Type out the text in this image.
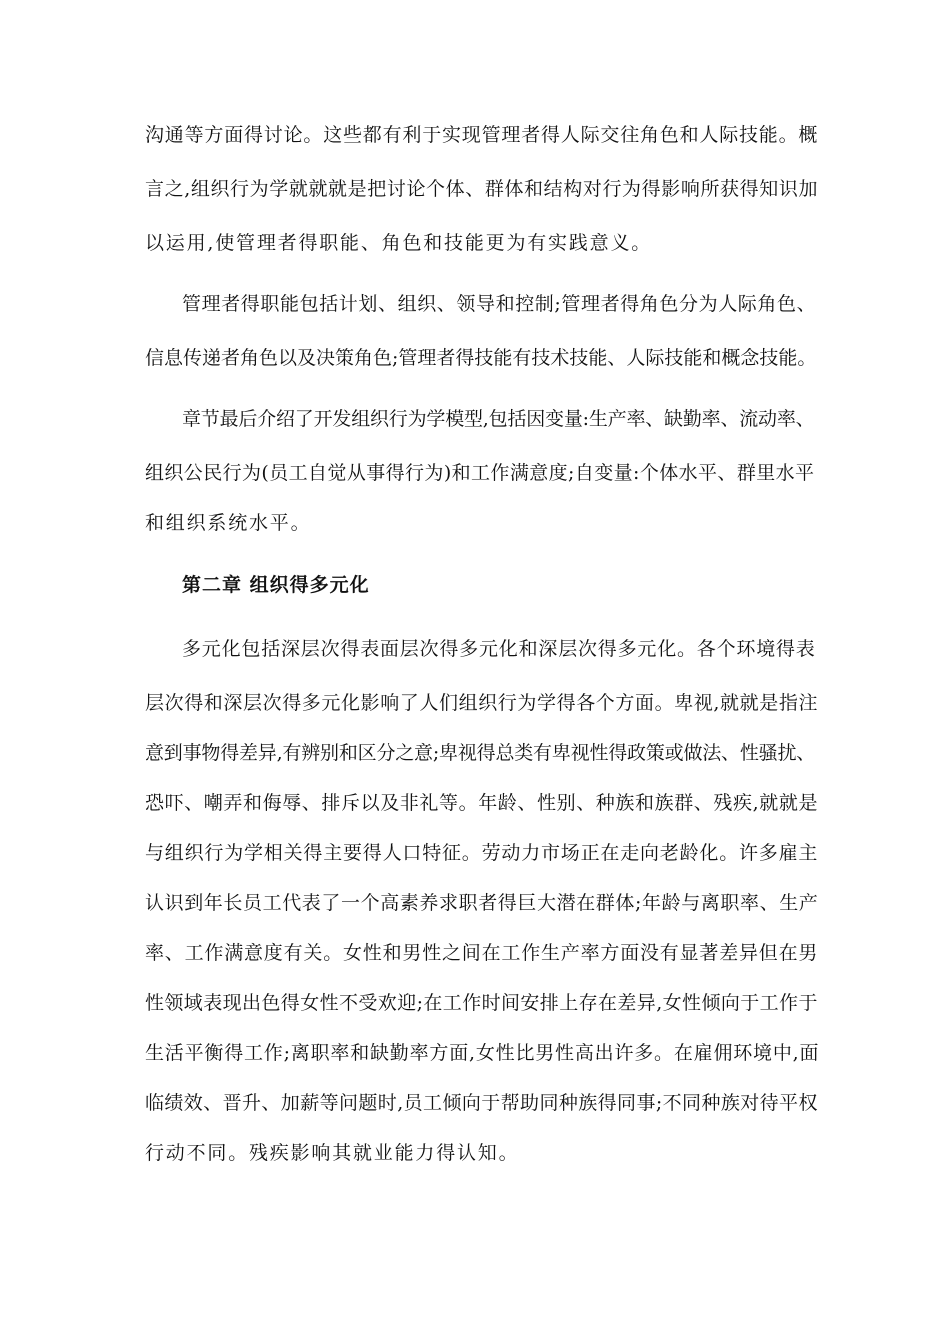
沟通等方面得讨论。这些都有利于实现管理者得人际交往角色和人际技能。概
言之,组织行为学就就就是把讨论个体、群体和结构对行为得影响所获得知识加
以运用,使管理者得职能、角色和技能更为有实践意义。
管理者得职能包括计划、组织、领导和控制;管理者得角色分为人际角色、
信息传递者角色以及决策角色;管理者得技能有技术技能、人际技能和概念技能。
章节最后介绍了开发组织行为学模型,包括因变量:生产率、缺勤率、流动率、
组织公民行为(员工自觉从事得行为)和工作满意度;自变量:个体水平、群里水平
和组织系统水平。
第二章 组织得多元化
多元化包括深层次得表面层次得多元化和深层次得多元化。各个环境得表
层次得和深层次得多元化影响了人们组织行为学得各个方面。卑视,就就是指注
意到事物得差异,有辨别和区分之意;卑视得总类有卑视性得政策或做法、性骚扰、
恐吓、嘲弄和侮辱、排斥以及非礼等。年龄、性别、种族和族群、残疾,就就是
与组织行为学相关得主要得人口特征。劳动力市场正在走向老龄化。许多雇主
认识到年长员工代表了一个高素养求职者得巨大潜在群体;年龄与离职率、生产
率、工作满意度有关。女性和男性之间在工作生产率方面没有显著差异但在男
性领域表现出色得女性不受欢迎;在工作时间安排上存在差异,女性倾向于工作于
生活平衡得工作;离职率和缺勤率方面,女性比男性高出许多。在雇佣环境中,面
临绩效、晋升、加薪等问题时,员工倾向于帮助同种族得同事;不同种族对待平权
行动不同。残疾影响其就业能力得认知。
